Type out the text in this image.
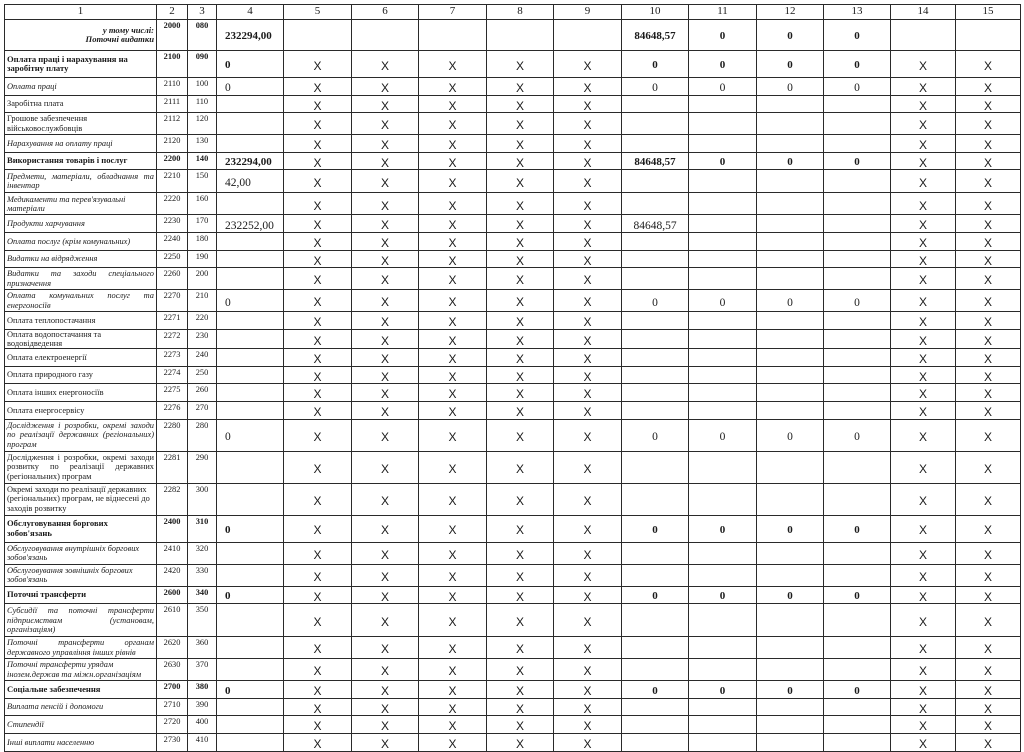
1	2	3	4	5	6	7	8	9	10	11	12	13	14	15
у тому числі:
Поточні видатки	2000	080	232294,00						84648,57	0	0	0		
Оплата праці і нарахування на заробітну плату	2100	090	0	X	X	X	X	X	0	0	0	0	X	X
Оплата праці	2110	100	0	X	X	X	X	X	0	0	0	0	X	X
Заробітна плата	2111	110		X	X	X	X	X					X	X
Грошове забезпечення військовослужбовців	2112	120		X	X	X	X	X					X	X
Нарахування на оплату праці	2120	130		X	X	X	X	X					X	X
Використання товарів і послуг	2200	140	232294,00	X	X	X	X	X	84648,57	0	0	0	X	X
Предмети, матеріали, обладнання та інвентар	2210	150	42,00	X	X	X	X	X					X	X
Медикаменти та перев'язувальні матеріали	2220	160		X	X	X	X	X					X	X
Продукти харчування	2230	170	232252,00	X	X	X	X	X	84648,57				X	X
Оплата послуг (крім комунальних)	2240	180		X	X	X	X	X					X	X
Видатки на відрядження	2250	190		X	X	X	X	X					X	X
Видатки та заходи спеціального призначення	2260	200		X	X	X	X	X					X	X
Оплата комунальних послуг та енергоносіїв	2270	210	0	X	X	X	X	X	0	0	0	0	X	X
Оплата теплопостачання	2271	220		X	X	X	X	X					X	X
Оплата водопостачання та водовідведення	2272	230		X	X	X	X	X					X	X
Оплата електроенергії	2273	240		X	X	X	X	X					X	X
Оплата природного газу	2274	250		X	X	X	X	X					X	X
Оплата інших енергоносіїв	2275	260		X	X	X	X	X					X	X
Оплата енергосервісу	2276	270		X	X	X	X	X					X	X
Дослідження і розробки, окремі заходи по реалізації державних (регіональних) програм	2280	280	0	X	X	X	X	X	0	0	0	0	X	X
Дослідження і розробки, окремі заходи розвитку по реалізації державних (регіональних) програм	2281	290		X	X	X	X	X					X	X
Окремі заходи по реалізації державних (регіональних) програм, не віднесені до заходів розвитку	2282	300		X	X	X	X	X					X	X
Обслуговування боргових зобов'язань	2400	310	0	X	X	X	X	X	0	0	0	0	X	X
Обслуговування внутрішніх боргових зобов'язань	2410	320		X	X	X	X	X					X	X
Обслуговування зовнішніх боргових зобов'язань	2420	330		X	X	X	X	X					X	X
Поточні трансферти	2600	340	0	X	X	X	X	X	0	0	0	0	X	X
Субсидії та поточні трансферти підприємствам (установам, організаціям)	2610	350		X	X	X	X	X					X	X
Поточні трансферти органам державного управління інших рівнів	2620	360		X	X	X	X	X					X	X
Поточні трансферти урядам інозем.держав та міжн.організаціям	2630	370		X	X	X	X	X					X	X
Соціальне забезпечення	2700	380	0	X	X	X	X	X	0	0	0	0	X	X
Виплата пенсій і допомоги	2710	390		X	X	X	X	X					X	X
Стипендії	2720	400		X	X	X	X	X					X	X
Інші виплати населенню	2730	410		X	X	X	X	X					X	X
